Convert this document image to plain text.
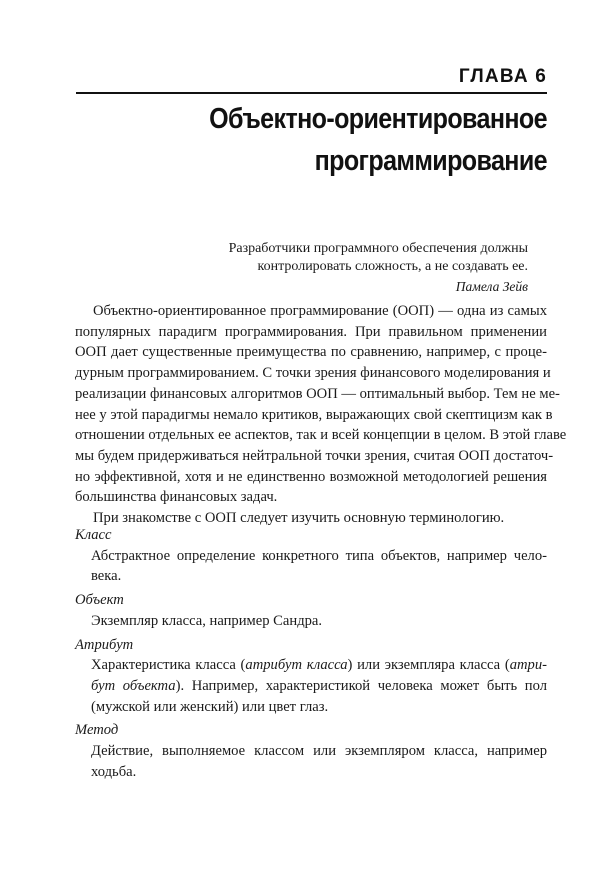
ГЛАВА 6
Объектно-ориентированное
программирование
Разработчики программного обеспечения должны
контролировать сложность, а не создавать ее.
Памела Зейв

Объектно-ориентированное программирование (ООП) — одна из самых
популярных парадигм программирования. При правильном применении
ООП дает существенные преимущества по сравнению, например, с проце-
дурным программированием. С точки зрения финансового моделирования и
реализации финансовых алгоритмов ООП — оптимальный выбор. Тем не ме-
нее у этой парадигмы немало критиков, выражающих свой скептицизм как в
отношении отдельных ее аспектов, так и всей концепции в целом. В этой главе
мы будем придерживаться нейтральной точки зрения, считая ООП достаточ-
но эффективной, хотя и не единственно возможной методологией решения
большинства финансовых задач.

При знакомстве с ООП следует изучить основную терминологию.

Класс
Абстрактное определение конкретного типа объектов, например чело-
века.
Объект
Экземпляр класса, например Сандра.
Атрибут
Характеристика класса (атрибут класса) или экземпляра класса (атри-
бут объекта). Например, характеристикой человека может быть пол
(мужской или женский) или цвет глаз.
Метод
Действие, выполняемое классом или экземпляром класса, например
ходьба.
